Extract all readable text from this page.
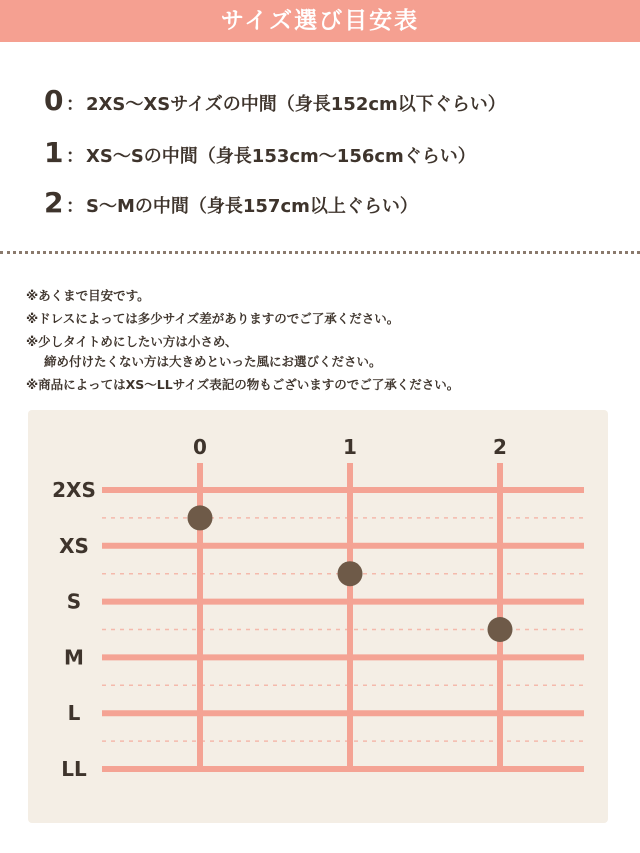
サイズ選び目安表
0 ： 2XS～XSサイズの中間（身長152cm以下ぐらい）
1 ： XS～Sの中間（身長153cm～156cmぐらい）
2 ： S～Mの中間（身長157cm以上ぐらい）
※あくまで目安です。
※ドレスによっては多少サイズ差がありますのでご了承ください。
※少しタイトめにしたい方は小さめ、
締め付けたくない方は大きめといった風にお選びください。
※商品によってはXS～LLサイズ表記の物もございますのでご了承ください。
0	1	2
2XS
XS
S
M
L
LL
